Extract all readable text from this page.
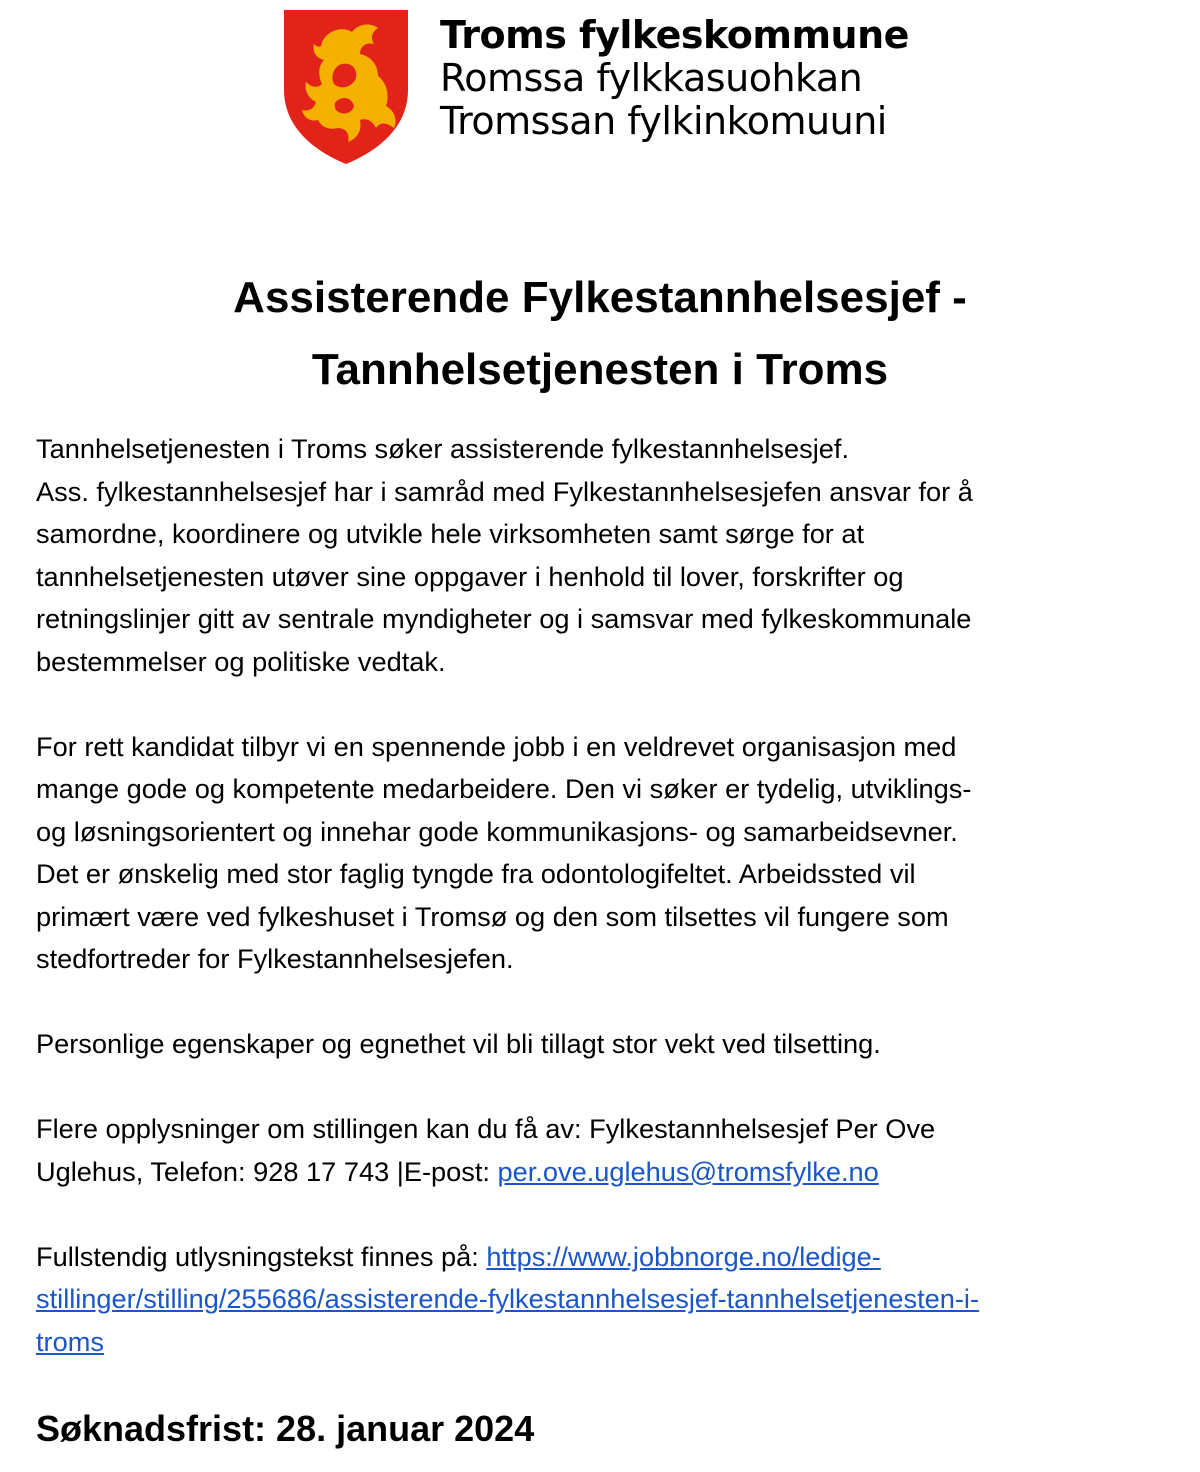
Troms fylkeskommune
Romssa fylkkasuohkan
Tromssan fylkinkomuuni
Assisterende Fylkestannhelsesjef -
Tannhelsetjenesten i Troms

Tannhelsetjenesten i Troms søker assisterende fylkestannhelsesjef.
Ass. fylkestannhelsesjef har i samråd med Fylkestannhelsesjefen ansvar for å
samordne, koordinere og utvikle hele virksomheten samt sørge for at
tannhelsetjenesten utøver sine oppgaver i henhold til lover, forskrifter og
retningslinjer gitt av sentrale myndigheter og i samsvar med fylkeskommunale
bestemmelser og politiske vedtak.

For rett kandidat tilbyr vi en spennende jobb i en veldrevet organisasjon med
mange gode og kompetente medarbeidere. Den vi søker er tydelig, utviklings-
og løsningsorientert og innehar gode kommunikasjons- og samarbeidsevner.
Det er ønskelig med stor faglig tyngde fra odontologifeltet. Arbeidssted vil
primært være ved fylkeshuset i Tromsø og den som tilsettes vil fungere som
stedfortreder for Fylkestannhelsesjefen.

Personlige egenskaper og egnethet vil bli tillagt stor vekt ved tilsetting.

Flere opplysninger om stillingen kan du få av: Fylkestannhelsesjef Per Ove
Uglehus, Telefon: 928 17 743 |E-post: per.ove.uglehus@tromsfylke.no

Fullstendig utlysningstekst finnes på: https://www.jobbnorge.no/ledige-
stillinger/stilling/255686/assisterende-fylkestannhelsesjef-tannhelsetjenesten-i-
troms

Søknadsfrist: 28. januar 2024
